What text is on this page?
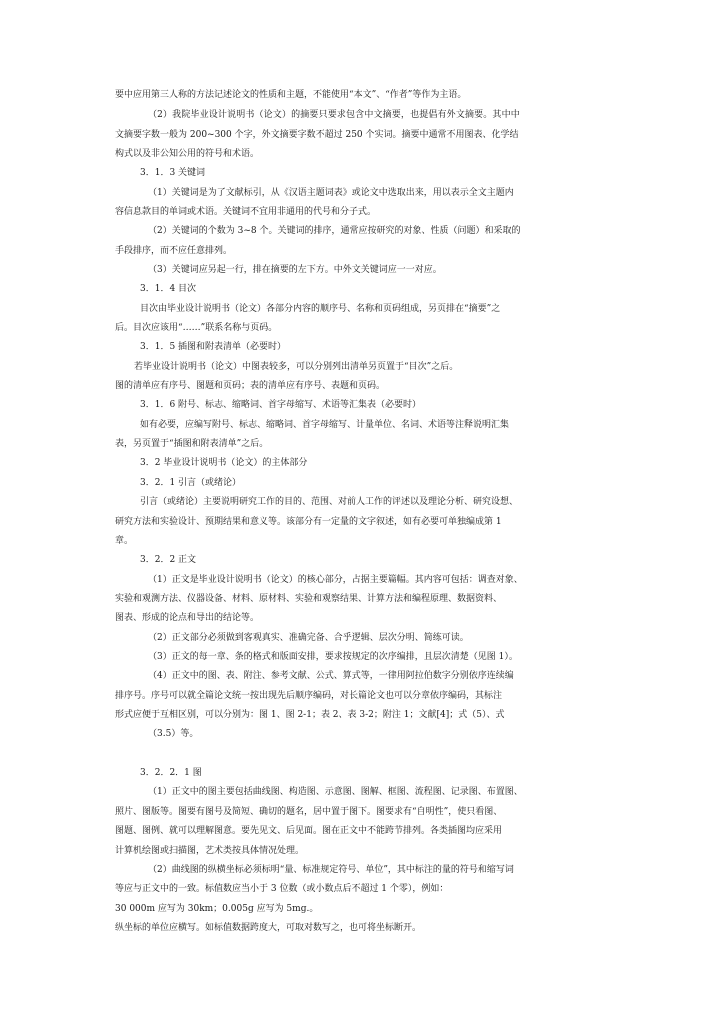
要中应用第三人称的方法记述论文的性质和主题，不能使用“本文”、“作者”等作为主语。
（2）我院毕业设计说明书（论文）的摘要只要求包含中文摘要，也提倡有外文摘要。其中中
文摘要字数一般为 200~300 个字，外文摘要字数不超过 250 个实词。摘要中通常不用图表、化学结
构式以及非公知公用的符号和术语。
3．1．3 关键词
（1）关键词是为了文献标引，从《汉语主题词表》或论文中选取出来，用以表示全文主题内
容信息款目的单词或术语。关键词不宜用非通用的代号和分子式。
（2）关键词的个数为 3~8 个。关键词的排序，通常应按研究的对象、性质（问题）和采取的
手段排序，而不应任意排列。
（3）关键词应另起一行，排在摘要的左下方。中外文关键词应一一对应。
3．1．4 目次
目次由毕业设计说明书（论文）各部分内容的顺序号、名称和页码组成，另页排在“摘要”之
后。目次应该用“……”联系名称与页码。
3．1．5 插图和附表清单（必要时）
若毕业设计说明书（论文）中图表较多，可以分别列出清单另页置于“目次”之后。
图的清单应有序号、图题和页码；表的清单应有序号、表题和页码。
3．1．6 附号、标志、缩略词、首字母缩写、术语等汇集表（必要时）
如有必要，应编写附号、标志、缩略词、首字母缩写、计量单位、名词、术语等注释说明汇集
表，另页置于“插图和附表清单”之后。
3．2 毕业设计说明书（论文）的主体部分
3．2．1 引言（或绪论）
引言（或绪论）主要说明研究工作的目的、范围、对前人工作的评述以及理论分析、研究设想、
研究方法和实验设计、预期结果和意义等。该部分有一定量的文字叙述，如有必要可单独编成第 1
章。
3．2．2 正文
（1）正文是毕业设计说明书（论文）的核心部分，占据主要篇幅。其内容可包括：调查对象、
实验和观测方法、仪器设备、材料、原材料、实验和观察结果、计算方法和编程原理、数据资料、
图表、形成的论点和导出的结论等。
（2）正文部分必须做到客观真实、准确完备、合乎逻辑、层次分明、简练可读。
（3）正文的每一章、条的格式和版面安排，要求按规定的次序编排，且层次清楚（见图 1）。
（4）正文中的图、表、附注、参考文献、公式、算式等，一律用阿拉伯数字分别依序连续编
排序号。序号可以就全篇论文统一按出现先后顺序编码，对长篇论文也可以分章依序编码，其标注
形式应便于互相区别，可以分别为：图 1、图 2-1；表 2、表 3-2；附注 1；文献[4]；式（5）、式
（3.5）等。
3．2．2．1 图
（1）正文中的图主要包括曲线图、构造图、示意图、图解、框图、流程图、记录图、布置图、
照片、图版等。图要有图号及简短、确切的题名，居中置于图下。图要求有“自明性”，使只看图、
图题、图例、就可以理解图意。要先见文、后见面。图在正文中不能跨节排列。各类插图均应采用
计算机绘图或扫描图，艺术类按具体情况处理。
（2）曲线图的纵横坐标必须标明“量、标准规定符号、单位”，其中标注的量的符号和缩写词
等应与正文中的一致。标值数应当小于 3 位数（或小数点后不超过 1 个零），例如：
30 000m 应写为 30km；0.005g 应写为 5mg.。
纵坐标的单位应横写。如标值数据跨度大，可取对数写之，也可将坐标断开。
